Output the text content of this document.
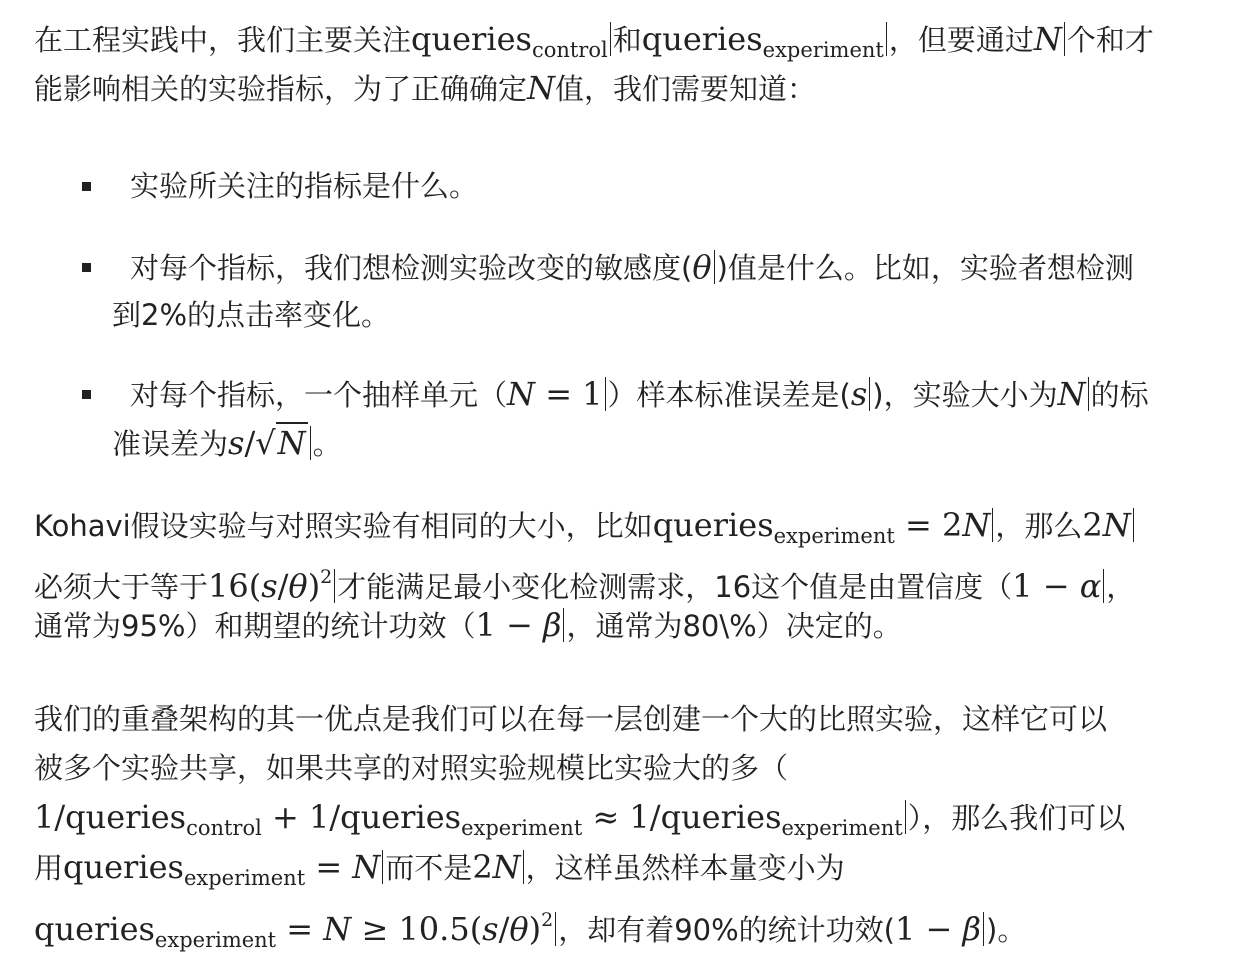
在工程实践中，我们主要关注queries$_{control}$ 和queries$_{experiment}$ ，但要通过N 个和才
能影响相关的实验指标，为了正确确定N值，我们需要知道：
实验所关注的指标是什么。
对每个指标，我们想检测实验改变的敏感度(θ )值是什么。比如，实验者想检测
到2%的点击率变化。
对每个指标，一个抽样单元（N = 1 ）样本标准误差是(s )，实验大小为N 的标
准误差为s/√N 。
Kohavi假设实验与对照实验有相同的大小，比如queries$_{experiment}$ = 2N ，那么2N
必须大于等于$16(s/\theta)^2$ 才能满足最小变化检测需求，16这个值是由置信度（1 − α ，
通常为95%）和期望的统计功效（1 − β ，通常为80\%）决定的。
我们的重叠架构的其一优点是我们可以在每一层创建一个大的比照实验，这样它可以
被多个实验共享，如果共享的对照实验规模比实验大的多（
1/queries$_{control}$ + 1/queries$_{experiment}$ ≈ 1/queries$_{experiment}$ ），那么我们可以
用queries$_{experiment}$ = N 而不是2N ，这样虽然样本量变小为
queries$_{experiment}$ = $N \ge 10.5(s/\theta)^2$ ，却有着90%的统计功效(1 − β )。
